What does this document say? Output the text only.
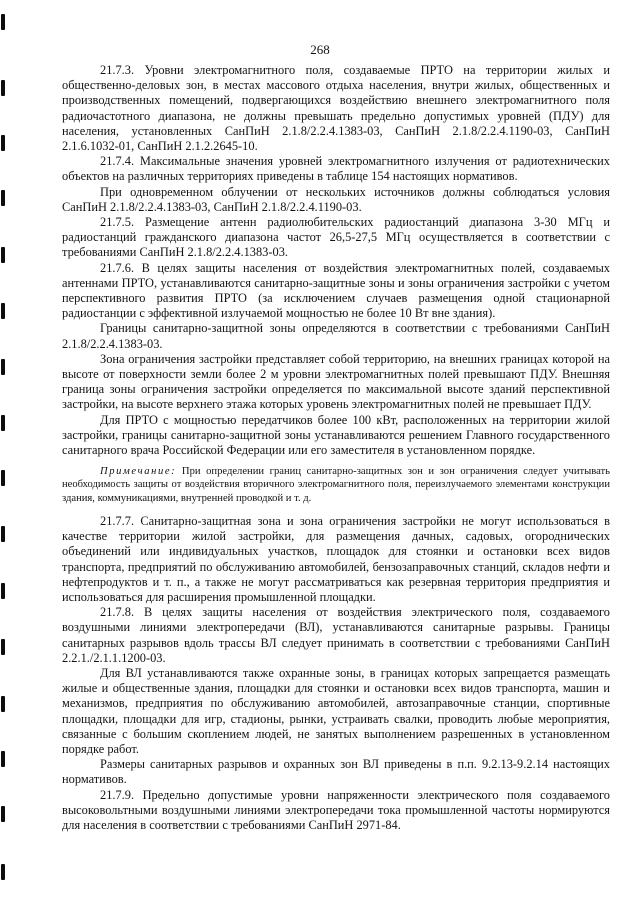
268

21.7.3. Уровни электромагнитного поля, создаваемые ПРТО на территории жилых и общественно-деловых зон, в местах массового отдыха населения, внутри жилых, общественных и производственных помещений, подвергающихся воздействию внешнего электромагнитного поля радиочастотного диапазона, не должны превышать предельно допустимых уровней (ПДУ) для населения, установленных СанПиН 2.1.8/2.2.4.1383-03, СанПиН 2.1.8/2.2.4.1190-03, СанПиН 2.1.6.1032-01, СанПиН 2.1.2.2645-10.

21.7.4. Максимальные значения уровней электромагнитного излучения от радиотехнических объектов на различных территориях приведены в таблице 154 настоящих нормативов.

При одновременном облучении от нескольких источников должны соблюдаться условия СанПиН 2.1.8/2.2.4.1383-03, СанПиН 2.1.8/2.2.4.1190-03.

21.7.5. Размещение антенн радиолюбительских радиостанций диапазона 3-30 МГц и радиостанций гражданского диапазона частот 26,5-27,5 МГц осуществляется в соответствии с требованиями СанПиН 2.1.8/2.2.4.1383-03.

21.7.6. В целях защиты населения от воздействия электромагнитных полей, создаваемых антеннами ПРТО, устанавливаются санитарно-защитные зоны и зоны ограничения застройки с учетом перспективного развития ПРТО (за исключением случаев размещения одной стационарной радиостанции с эффективной излучаемой мощностью не более 10 Вт вне здания).

Границы санитарно-защитной зоны определяются в соответствии с требованиями СанПиН 2.1.8/2.2.4.1383-03.

Зона ограничения застройки представляет собой территорию, на внешних границах которой на высоте от поверхности земли более 2 м уровни электромагнитных полей превышают ПДУ. Внешняя граница зоны ограничения застройки определяется по максимальной высоте зданий перспективной застройки, на высоте верхнего этажа которых уровень электромагнитных полей не превышает ПДУ.

Для ПРТО с мощностью передатчиков более 100 кВт, расположенных на территории жилой застройки, границы санитарно-защитной зоны устанавливаются решением Главного государственного санитарного врача Российской Федерации или его заместителя в установленном порядке.

Примечание: При определении границ санитарно-защитных зон и зон ограничения следует учитывать необходимость защиты от воздействия вторичного электромагнитного поля, переизлучаемого элементами конструкции здания, коммуникациями, внутренней проводкой и т. д.

21.7.7. Санитарно-защитная зона и зона ограничения застройки не могут использоваться в качестве территории жилой застройки, для размещения дачных, садовых, огороднических объединений или индивидуальных участков, площадок для стоянки и остановки всех видов транспорта, предприятий по обслуживанию автомобилей, бензозаправочных станций, складов нефти и нефтепродуктов и т. п., а также не могут рассматриваться как резервная территория предприятия и использоваться для расширения промышленной площадки.

21.7.8. В целях защиты населения от воздействия электрического поля, создаваемого воздушными линиями электропередачи (ВЛ), устанавливаются санитарные разрывы. Границы санитарных разрывов вдоль трассы ВЛ следует принимать в соответствии с требованиями СанПиН 2.2.1./2.1.1.1200-03.

Для ВЛ устанавливаются также охранные зоны, в границах которых запрещается размещать жилые и общественные здания, площадки для стоянки и остановки всех видов транспорта, машин и механизмов, предприятия по обслуживанию автомобилей, автозаправочные станции, спортивные площадки, площадки для игр, стадионы, рынки, устраивать свалки, проводить любые мероприятия, связанные с большим скоплением людей, не занятых выполнением разрешенных в установленном порядке работ.

Размеры санитарных разрывов и охранных зон ВЛ приведены в п.п. 9.2.13-9.2.14 настоящих нормативов.

21.7.9. Предельно допустимые уровни напряженности электрического поля создаваемого высоковольтными воздушными линиями электропередачи тока промышленной частоты нормируются для населения в соответствии с требованиями СанПиН 2971-84.
